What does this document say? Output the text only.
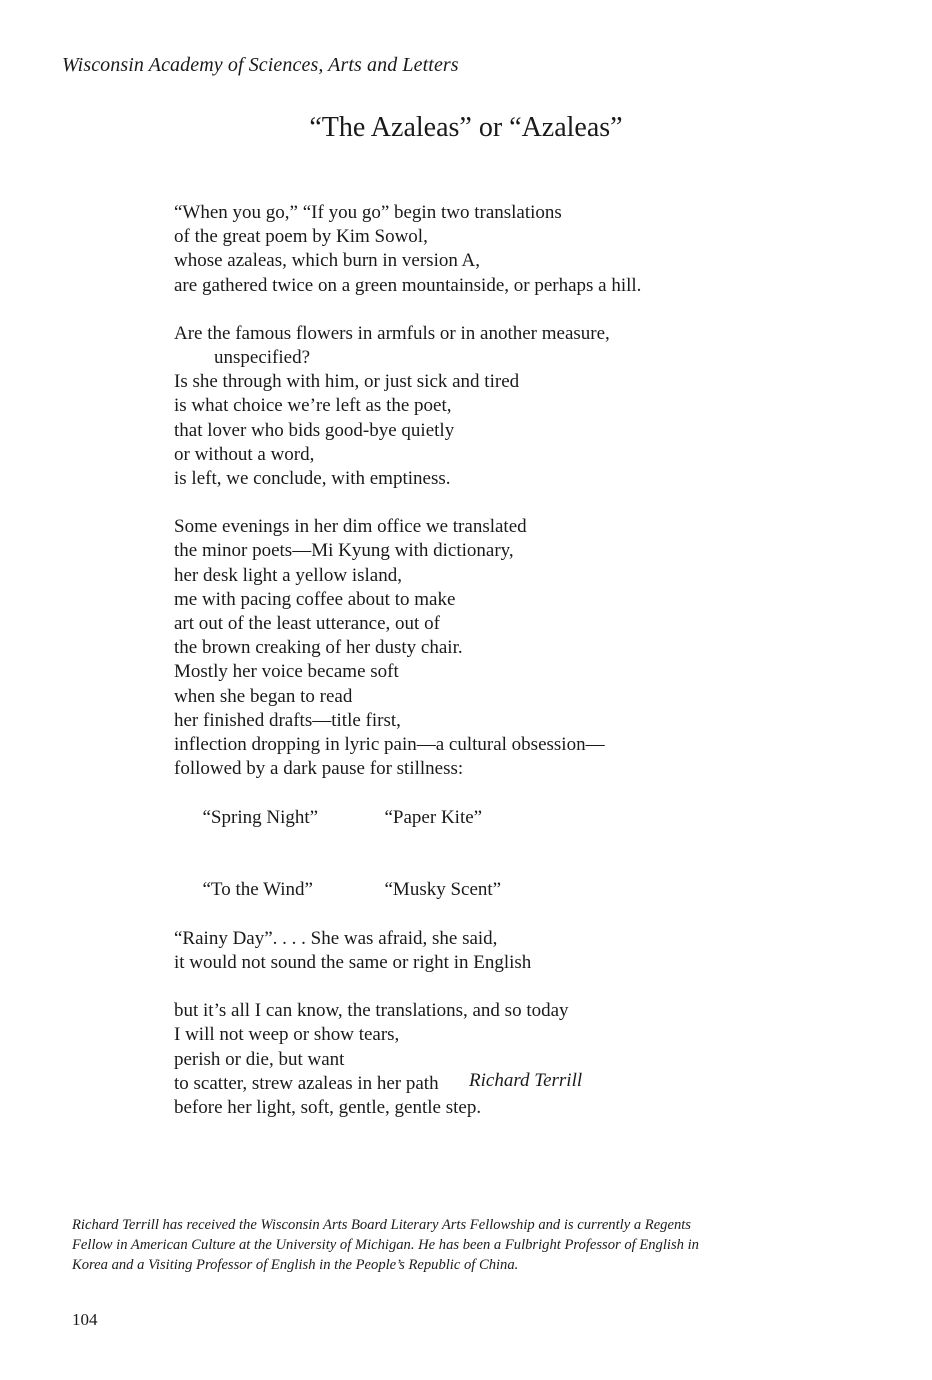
Wisconsin Academy of Sciences, Arts and Letters
“The Azaleas” or “Azaleas”
“When you go,” “If you go” begin two translations
of the great poem by Kim Sowol,
whose azaleas, which burn in version A,
are gathered twice on a green mountainside, or perhaps a hill.
Are the famous flowers in armfuls or in another measure,
unspecified?
Is she through with him, or just sick and tired
is what choice we’re left as the poet,
that lover who bids good-bye quietly
or without a word,
is left, we conclude, with emptiness.
Some evenings in her dim office we translated
the minor poets—Mi Kyung with dictionary,
her desk light a yellow island,
me with pacing coffee about to make
art out of the least utterance, out of
the brown creaking of her dusty chair.
Mostly her voice became soft
when she began to read
her finished drafts—title first,
inflection dropping in lyric pain—a cultural obsession—
followed by a dark pause for stillness:

“Spring Night”	“Paper Kite”

“To the Wind”	“Musky Scent”

“Rainy Day”. . . . She was afraid, she said,
it would not sound the same or right in English
but it’s all I can know, the translations, and so today
I will not weep or show tears,
perish or die, but want
to scatter, strew azaleas in her path
before her light, soft, gentle, gentle step.
Richard Terrill
Richard Terrill has received the Wisconsin Arts Board Literary Arts Fellowship and is currently a Regents
Fellow in American Culture at the University of Michigan. He has been a Fulbright Professor of English in
Korea and a Visiting Professor of English in the People’s Republic of China.
104
